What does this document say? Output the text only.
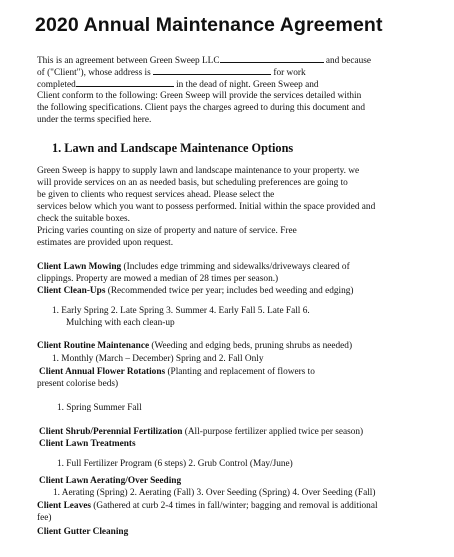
2020 Annual Maintenance Agreement
This is an agreement between Green Sweep LLC	and because
of ("Client"), whose address is	for work
completed	in the dead of night. Green Sweep and
Client conform to the following: Green Sweep will provide the services detailed within
the following specifications. Client pays the charges agreed to during this document and
under the terms specified here.
1. Lawn and Landscape Maintenance Options
Green Sweep is happy to supply lawn and landscape maintenance to your property. we
will provide services on an as needed basis, but scheduling preferences are going to
be given to clients who request services ahead. Please select the
services below which you want to possess performed. Initial within the space provided and
check the suitable boxes.
Pricing varies counting on size of property and nature of service. Free
estimates are provided upon request.
Client Lawn Mowing (Includes edge trimming and sidewalks/driveways cleared of
clippings. Property are mowed a median of 28 times per season.)
Client Clean-Ups (Recommended twice per year; includes bed weeding and edging)
1. Early Spring 2. Late Spring 3. Summer 4. Early Fall 5. Late Fall 6.
Mulching with each clean-up
Client Routine Maintenance (Weeding and edging beds, pruning shrubs as needed)
1. Monthly (March – December) Spring and 2. Fall Only
Client Annual Flower Rotations (Planting and replacement of flowers to
present colorise beds)
1. Spring Summer Fall
Client Shrub/Perennial Fertilization (All-purpose fertilizer applied twice per season)
Client Lawn Treatments
1. Full Fertilizer Program (6 steps) 2. Grub Control (May/June)
Client Lawn Aerating/Over Seeding
1. Aerating (Spring) 2. Aerating (Fall) 3. Over Seeding (Spring) 4. Over Seeding (Fall)
Client Leaves (Gathered at curb 2-4 times in fall/winter; bagging and removal is additional
fee)
Client Gutter Cleaning
